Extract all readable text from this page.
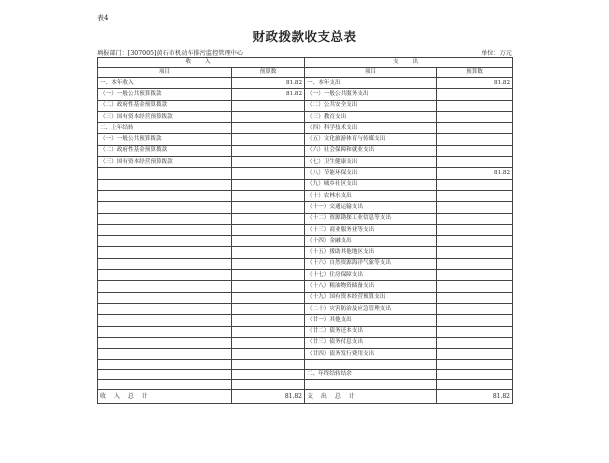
表4
财政拨款收支总表
填报部门：[307005]黄石市机动车排污监控管理中心	单位：万元
收 入		支 出	
项目	预算数	项目	预算数
一、本年收入	81.82	一、本年支出	81.82
（一）一般公共预算拨款	81.82	（一）一般公共服务支出	
（二）政府性基金预算拨款		（二）公共安全支出	
（三）国有资本经营预算拨款		（三）教育支出	
二、上年结转		（四）科学技术支出	
（一）一般公共预算拨款		（五）文化旅游体育与传媒支出	
（二）政府性基金预算拨款		（六）社会保障和就业支出	
（三）国有资本经营预算拨款		（七）卫生健康支出	
		（八）节能环保支出	81.82
		（九）城乡社区支出	
		（十）农林水支出	
		（十一）交通运输支出	
		（十二）资源勘探工业信息等支出	
		（十三）商业服务业等支出	
		（十四）金融支出	
		（十五）援助其他地区支出	
		（十六）自然资源海洋气象等支出	
		（十七）住房保障支出	
		（十八）粮油物资储备支出	
		（十九）国有资本经营预算支出	
		（二十）灾害防治及应急管理支出	
		（廿一）其他支出	
		（廿二）债务还本支出	
		（廿三）债务付息支出	
		（廿四）债务发行费用支出	

		二、年终结转结余	

收 入 总 计	81.82	支 出 总 计	81.82
